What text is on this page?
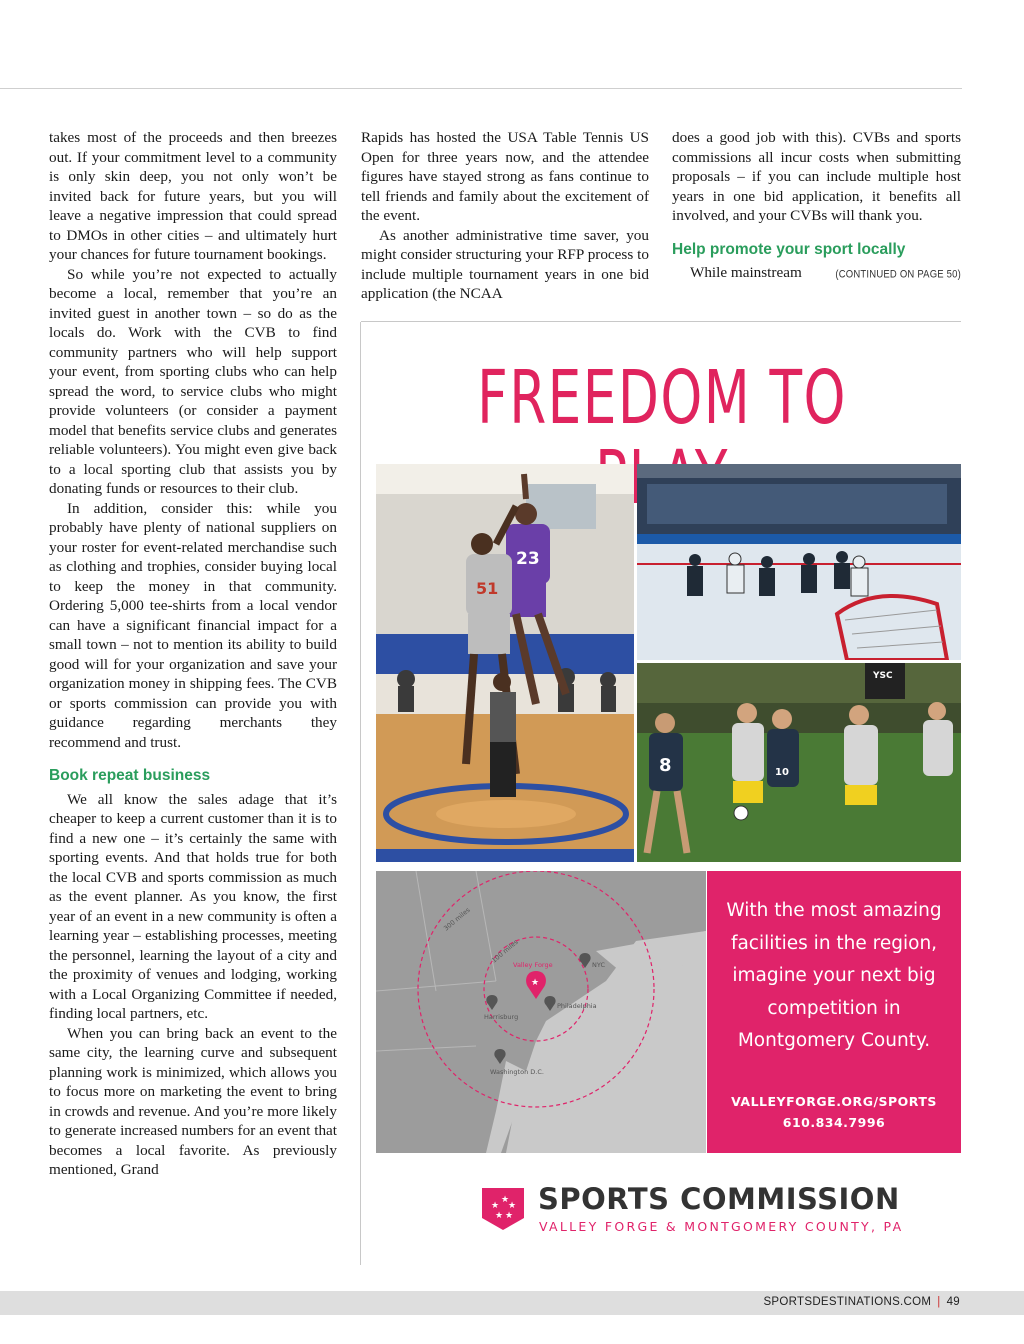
takes most of the proceeds and then breezes out. If your commitment level to a community is only skin deep, you not only won’t be invited back for future years, but you will leave a negative impression that could spread to DMOs in other cities – and ultimately hurt your chances for future tournament bookings.

So while you’re not expected to actually become a local, remember that you’re an invited guest in another town – so do as the locals do. Work with the CVB to find community partners who will help support your event, from sporting clubs who can help spread the word, to service clubs who might provide volunteers (or consider a payment model that benefits service clubs and generates reliable volunteers). You might even give back to a local sporting club that assists you by donating funds or resources to their club.

In addition, consider this: while you probably have plenty of national suppliers on your roster for event-related merchandise such as clothing and trophies, consider buying local to keep the money in that community. Ordering 5,000 tee-shirts from a local vendor can have a significant financial impact for a small town – not to mention its ability to build good will for your organization and save your organization money in shipping fees. The CVB or sports commission can provide you with guidance regarding merchants they recommend and trust.

Book repeat business

We all know the sales adage that it’s cheaper to keep a current customer than it is to find a new one – it’s certainly the same with sporting events. And that holds true for both the local CVB and sports commission as much as the event planner. As you know, the first year of an event in a new community is often a learning year – establishing processes, meeting the personnel, learning the layout of a city and the proximity of venues and lodging, working with a Local Organizing Committee if needed, finding local partners, etc.

When you can bring back an event to the same city, the learning curve and subsequent planning work is minimized, which allows you to focus more on marketing the event to bring in crowds and revenue. And you’re more likely to generate increased numbers for an event that becomes a local favorite. As previously mentioned, Grand

Rapids has hosted the USA Table Tennis US Open for three years now, and the attendee figures have stayed strong as fans continue to tell friends and family about the excitement of the event.

As another administrative time saver, you might consider structuring your RFP process to include multiple tournament years in one bid application (the NCAA

does a good job with this). CVBs and sports commissions all incur costs when submitting proposals – if you can include multiple host years in one bid application, it benefits all involved, and your CVBs will thank you.

Help promote your sport locally

While mainstream	(CONTINUED ON PAGE 50)

FREEDOM TO
23
51
YSC
8	10
300 miles
100 miles
★
Valley Forge	NYC
Harrisburg
Philadelphia
Washington D.C.
With the most amazing
facilities in the region,
imagine your next big
competition in
Montgomery County.
VALLEYFORGE.ORG/SPORTS
610.834.7996
★
★
★
★ ★ SPORTS COMMISSION
VALLEY FORGE & MONTGOMERY COUNTY, PA
SPORTSDESTINATIONS.COM | 49
